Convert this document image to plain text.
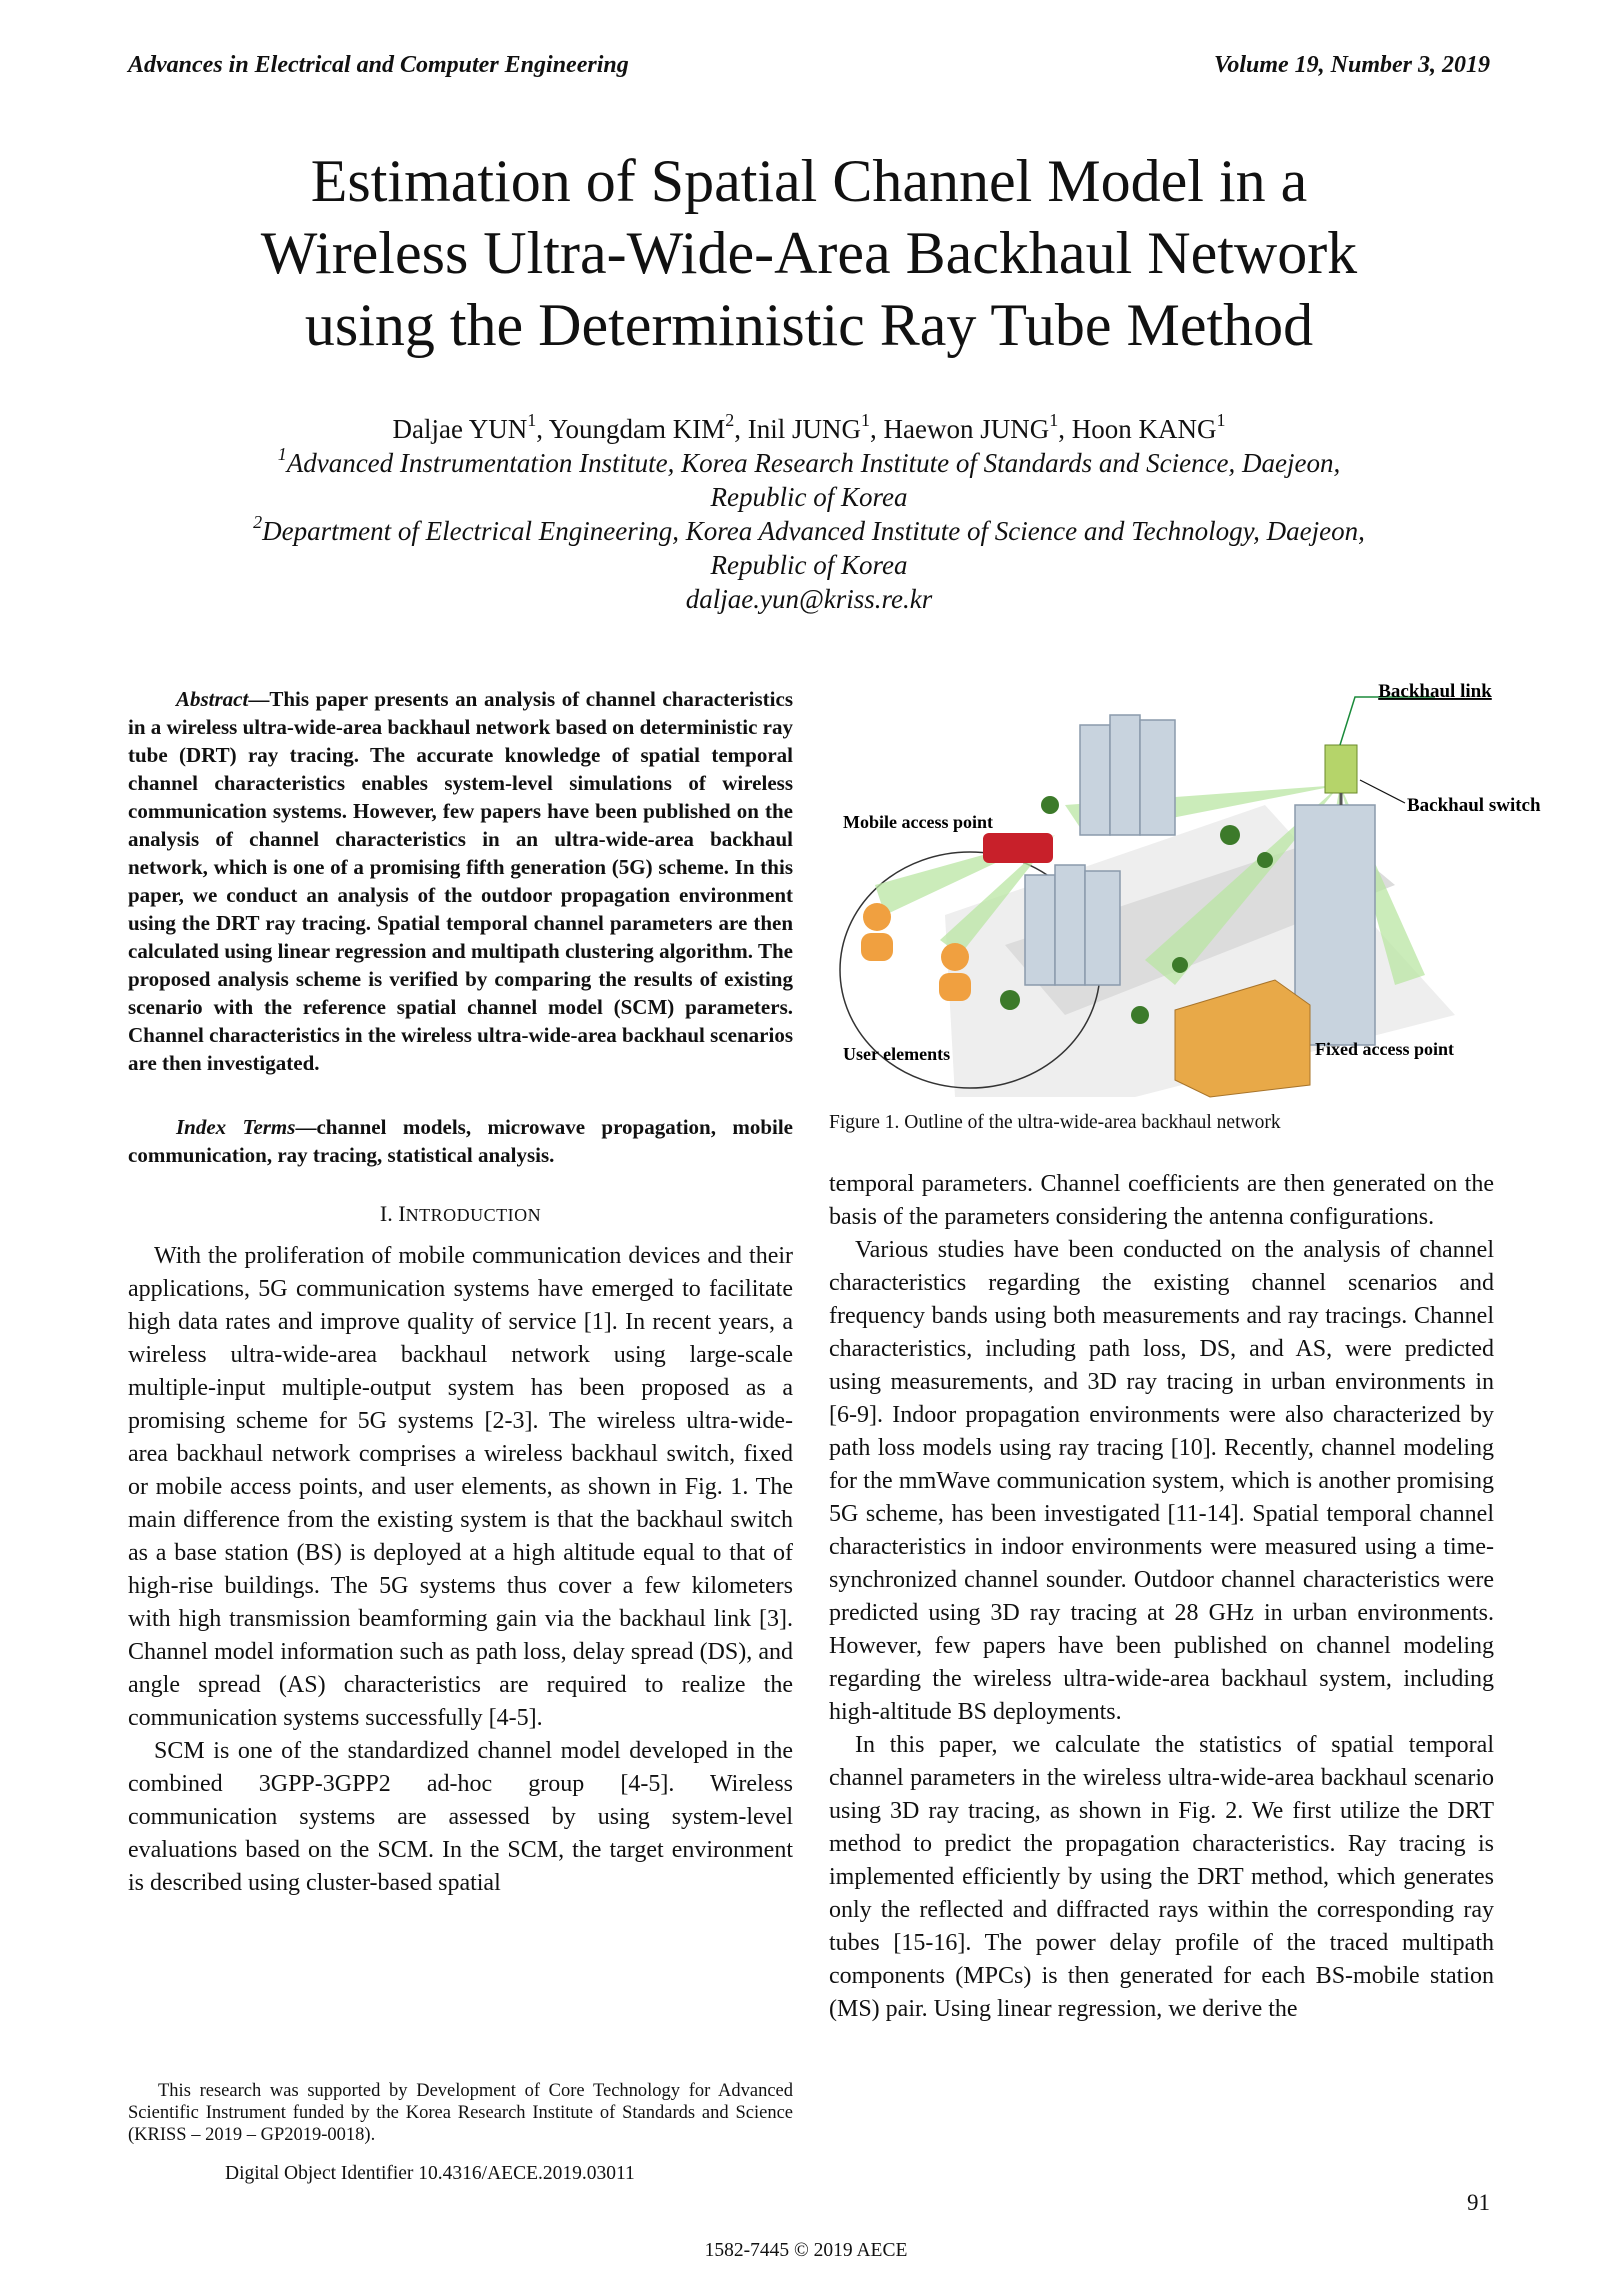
Advances in Electrical and Computer Engineering	Volume 19, Number 3, 2019
Estimation of Spatial Channel Model in a
Wireless Ultra-Wide-Area Backhaul Network
using the Deterministic Ray Tube Method
Daljae YUN$^1$, Youngdam KIM$^2$, Inil JUNG$^1$, Haewon JUNG$^1$, Hoon KANG$^1$
$^1$Advanced Instrumentation Institute, Korea Research Institute of Standards and Science, Daejeon,
Republic of Korea
$^2$Department of Electrical Engineering, Korea Advanced Institute of Science and Technology, Daejeon,
Republic of Korea
daljae.yun@kriss.re.kr

Abstract—This paper presents an analysis of channel characteristics in a wireless ultra-wide-area backhaul network based on deterministic ray tube (DRT) ray tracing. The accurate knowledge of spatial temporal channel characteristics enables system-level simulations of wireless communication systems. However, few papers have been published on the analysis of channel characteristics in an ultra-wide-area backhaul network, which is one of a promising fifth generation (5G) scheme. In this paper, we conduct an analysis of the outdoor propagation environment using the DRT ray tracing. Spatial temporal channel parameters are then calculated using linear regression and multipath clustering algorithm. The proposed analysis scheme is verified by comparing the results of existing scenario with the reference spatial channel model (SCM) parameters. Channel characteristics in the wireless ultra-wide-area backhaul scenarios are then investigated.

Index Terms—channel models, microwave propagation, mobile communication, ray tracing, statistical analysis.

I. INTRODUCTION

With the proliferation of mobile communication devices and their applications, 5G communication systems have emerged to facilitate high data rates and improve quality of service [1]. In recent years, a wireless ultra-wide-area backhaul network using large-scale multiple-input multiple-output system has been proposed as a promising scheme for 5G systems [2-3]. The wireless ultra-wide-area backhaul network comprises a wireless backhaul switch, fixed or mobile access points, and user elements, as shown in Fig. 1. The main difference from the existing system is that the backhaul switch as a base station (BS) is deployed at a high altitude equal to that of high-rise buildings. The 5G systems thus cover a few kilometers with high transmission beamforming gain via the backhaul link [3]. Channel model information such as path loss, delay spread (DS), and angle spread (AS) characteristics are required to realize the communication systems successfully [4-5].

SCM is one of the standardized channel model developed in the combined 3GPP-3GPP2 ad-hoc group [4-5]. Wireless communication systems are assessed by using system-level evaluations based on the SCM. In the SCM, the target environment is described using cluster-based spatial

Backhaul link
Backhaul switch
Mobile access point
User elements	Fixed access point
Figure 1. Outline of the ultra-wide-area backhaul network

temporal parameters. Channel coefficients are then generated on the basis of the parameters considering the antenna configurations.

Various studies have been conducted on the analysis of channel characteristics regarding the existing channel scenarios and frequency bands using both measurements and ray tracings. Channel characteristics, including path loss, DS, and AS, were predicted using measurements, and 3D ray tracing in urban environments in [6-9]. Indoor propagation environments were also characterized by path loss models using ray tracing [10]. Recently, channel modeling for the mmWave communication system, which is another promising 5G scheme, has been investigated [11-14]. Spatial temporal channel characteristics in indoor environments were measured using a time-synchronized channel sounder. Outdoor channel characteristics were predicted using 3D ray tracing at 28 GHz in urban environments. However, few papers have been published on channel modeling regarding the wireless ultra-wide-area backhaul system, including high-altitude BS deployments.

In this paper, we calculate the statistics of spatial temporal channel parameters in the wireless ultra-wide-area backhaul scenario using 3D ray tracing, as shown in Fig. 2. We first utilize the DRT method to predict the propagation characteristics. Ray tracing is implemented efficiently by using the DRT method, which generates only the reflected and diffracted rays within the corresponding ray tubes [15-16]. The power delay profile of the traced multipath components (MPCs) is then generated for each BS-mobile station (MS) pair. Using linear regression, we derive the

This research was supported by Development of Core Technology for Advanced Scientific Instrument funded by the Korea Research Institute of Standards and Science (KRISS – 2019 – GP2019-0018).

Digital Object Identifier 10.4316/AECE.2019.03011
91
1582-7445 © 2019 AECE
